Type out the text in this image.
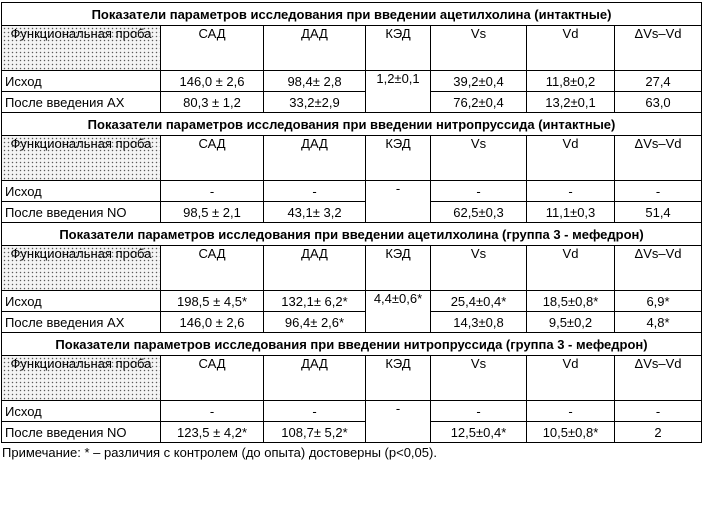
Показатели параметров исследования при введении ацетилхолина (интактные)						
Функциональная проба	САД	ДАД	КЭД	Vs	Vd	ΔVs–Vd
Исход	146,0 ± 2,6	98,4± 2,8	1,2±0,1	39,2±0,4	11,8±0,2	27,4
После введения АХ	80,3 ± 1,2	33,2±2,9		76,2±0,4	13,2±0,1	63,0
Показатели параметров исследования при введении нитропруссида (интактные)						
Функциональная проба	САД	ДАД	КЭД	Vs	Vd	ΔVs–Vd
Исход	-	-	-	-	-	-
После введения NO	98,5 ± 2,1	43,1± 3,2		62,5±0,3	11,1±0,3	51,4
Показатели параметров исследования при введении ацетилхолина (группа 3 - мефедрон)						
Функциональная проба	САД	ДАД	КЭД	Vs	Vd	ΔVs–Vd
Исход	198,5 ± 4,5*	132,1± 6,2*	4,4±0,6*	25,4±0,4*	18,5±0,8*	6,9*
После введения АХ	146,0 ± 2,6	96,4± 2,6*		14,3±0,8	9,5±0,2	4,8*
Показатели параметров исследования при введении нитропруссида (группа 3 - мефедрон)						
Функциональная проба	САД	ДАД	КЭД	Vs	Vd	ΔVs–Vd
Исход	-	-	-	-	-	-
После введения NO	123,5 ± 4,2*	108,7± 5,2*		12,5±0,4*	10,5±0,8*	2
Примечание: * – различия с контролем (до опыта) достоверны (p<0,05).
